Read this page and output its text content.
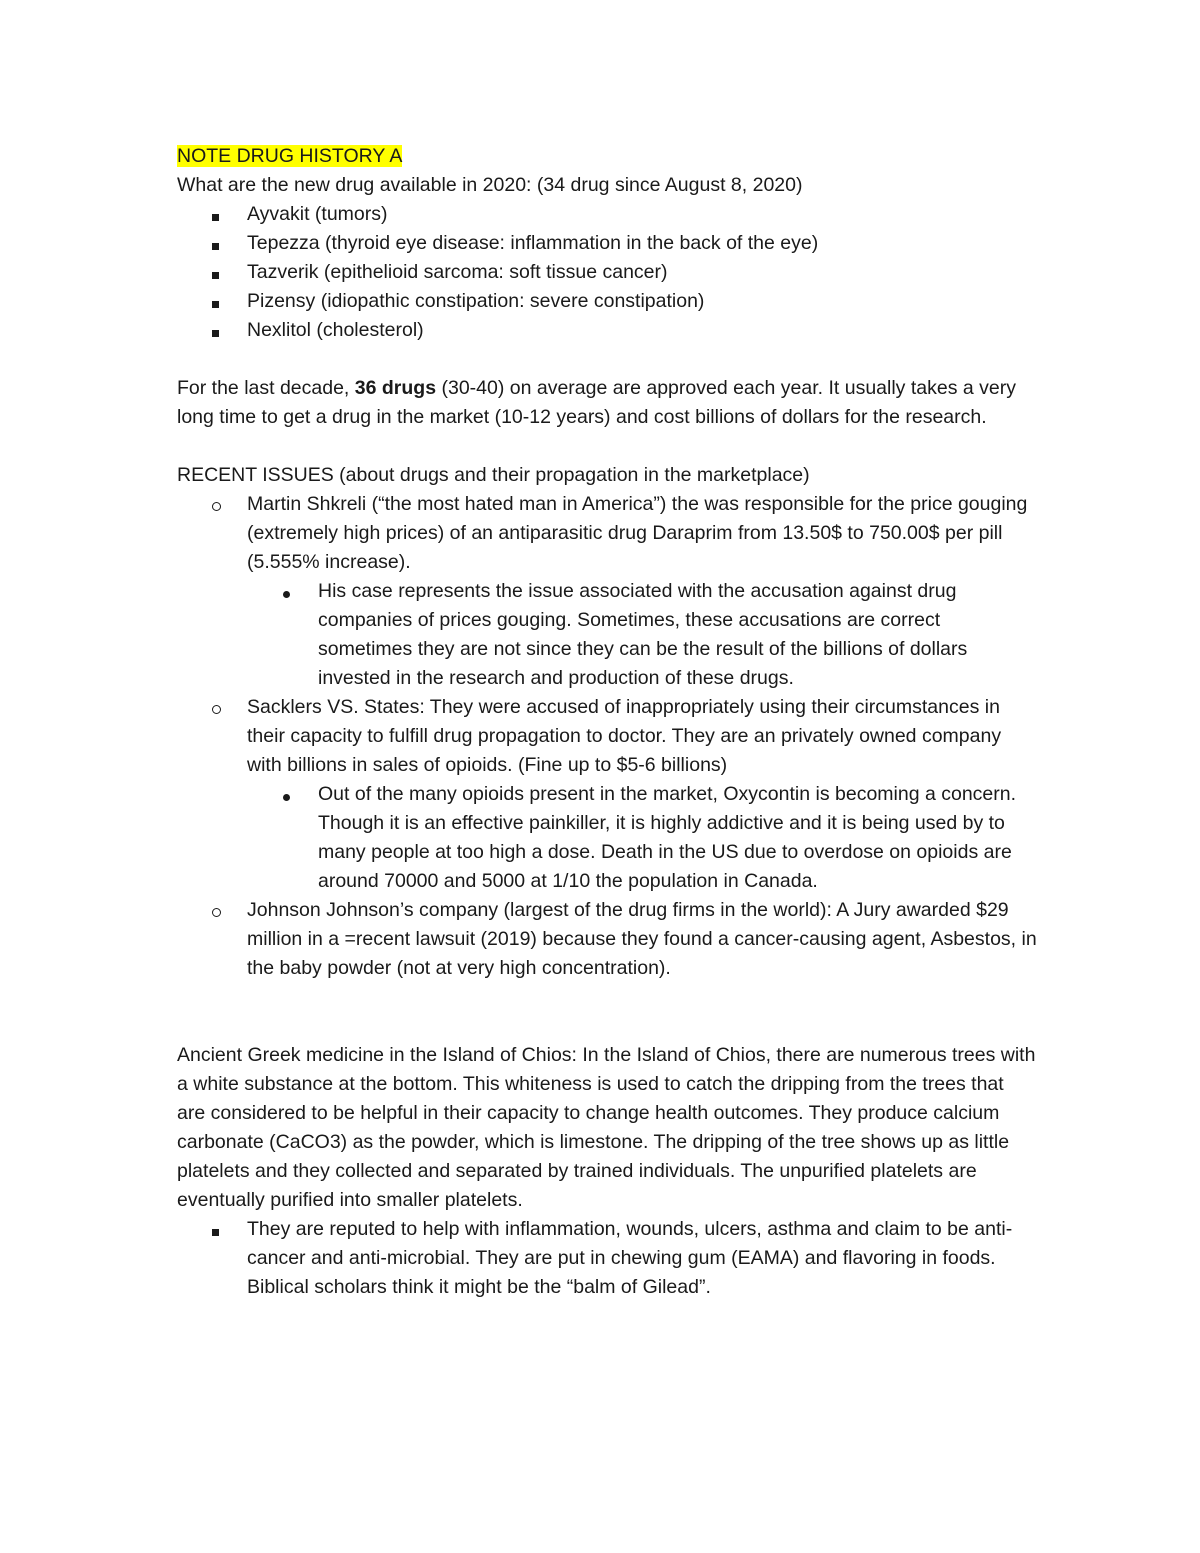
NOTE DRUG HISTORY A

What are the new drug available in 2020: (34 drug since August 8, 2020)

Ayvakit (tumors)
Tepezza (thyroid eye disease: inflammation in the back of the eye)
Tazverik (epithelioid sarcoma: soft tissue cancer)
Pizensy (idiopathic constipation: severe constipation)
Nexlitol (cholesterol)

For the last decade, 36 drugs (30-40) on average are approved each year. It usually takes a very long time to get a drug in the market (10-12 years) and cost billions of dollars for the research.

RECENT ISSUES (about drugs and their propagation in the marketplace)

Martin Shkreli (“the most hated man in America”) the was responsible for the price gouging (extremely high prices) of an antiparasitic drug Daraprim from 13.50$ to 750.00$ per pill (5.555% increase).
His case represents the issue associated with the accusation against drug companies of prices gouging. Sometimes, these accusations are correct sometimes they are not since they can be the result of the billions of dollars invested in the research and production of these drugs.
Sacklers VS. States: They were accused of inappropriately using their circumstances in their capacity to fulfill drug propagation to doctor. They are an privately owned company with billions in sales of opioids. (Fine up to $5-6 billions)
Out of the many opioids present in the market, Oxycontin is becoming a concern. Though it is an effective painkiller, it is highly addictive and it is being used by to many people at too high a dose. Death in the US due to overdose on opioids are around 70000 and 5000 at 1/10 the population in Canada.
Johnson Johnson’s company (largest of the drug firms in the world): A Jury awarded $29 million in a =recent lawsuit (2019) because they found a cancer-causing agent, Asbestos, in the baby powder (not at very high concentration).

Ancient Greek medicine in the Island of Chios: In the Island of Chios, there are numerous trees with a white substance at the bottom. This whiteness is used to catch the dripping from the trees that are considered to be helpful in their capacity to change health outcomes. They produce calcium carbonate (CaCO3) as the powder, which is limestone. The dripping of the tree shows up as little platelets and they collected and separated by trained individuals. The unpurified platelets are eventually purified into smaller platelets.

They are reputed to help with inflammation, wounds, ulcers, asthma and claim to be anti-cancer and anti-microbial. They are put in chewing gum (EAMA) and flavoring in foods. Biblical scholars think it might be the “balm of Gilead”.
